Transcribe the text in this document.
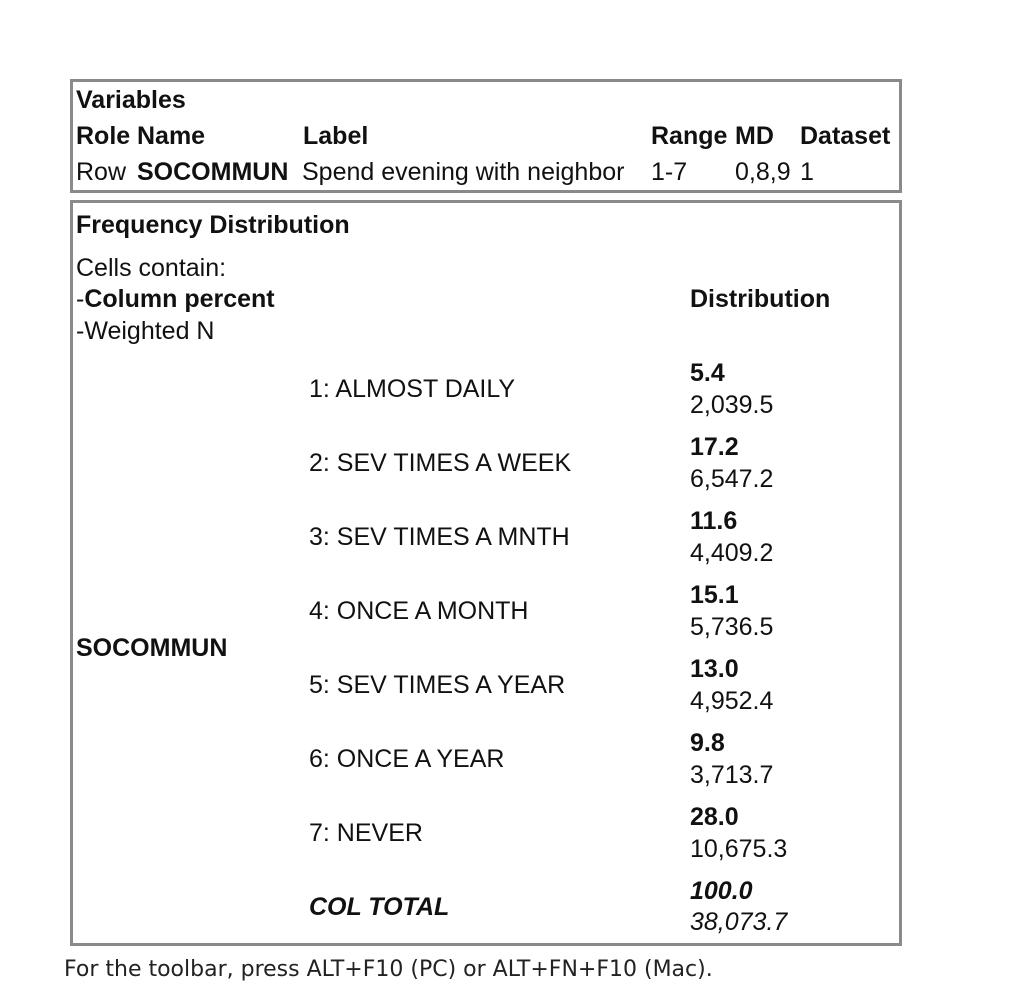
Variables
Role Name	Label	Range MD Dataset
Row SOCOMMUN Spend evening with neighbor 1-7 0,8,9 1
Frequency Distribution
Cells contain:
-Column percent
-Weighted N
Distribution
SOCOMMUN
1: ALMOST DAILY
5.4
2,039.5
2: SEV TIMES A WEEK
17.2
6,547.2
3: SEV TIMES A MNTH
11.6
4,409.2
4: ONCE A MONTH
15.1
5,736.5
5: SEV TIMES A YEAR
13.0
4,952.4
6: ONCE A YEAR
9.8
3,713.7
7: NEVER
28.0
10,675.3
COL TOTAL
100.0
38,073.7
For the toolbar, press ALT+F10 (PC) or ALT+FN+F10 (Mac).
